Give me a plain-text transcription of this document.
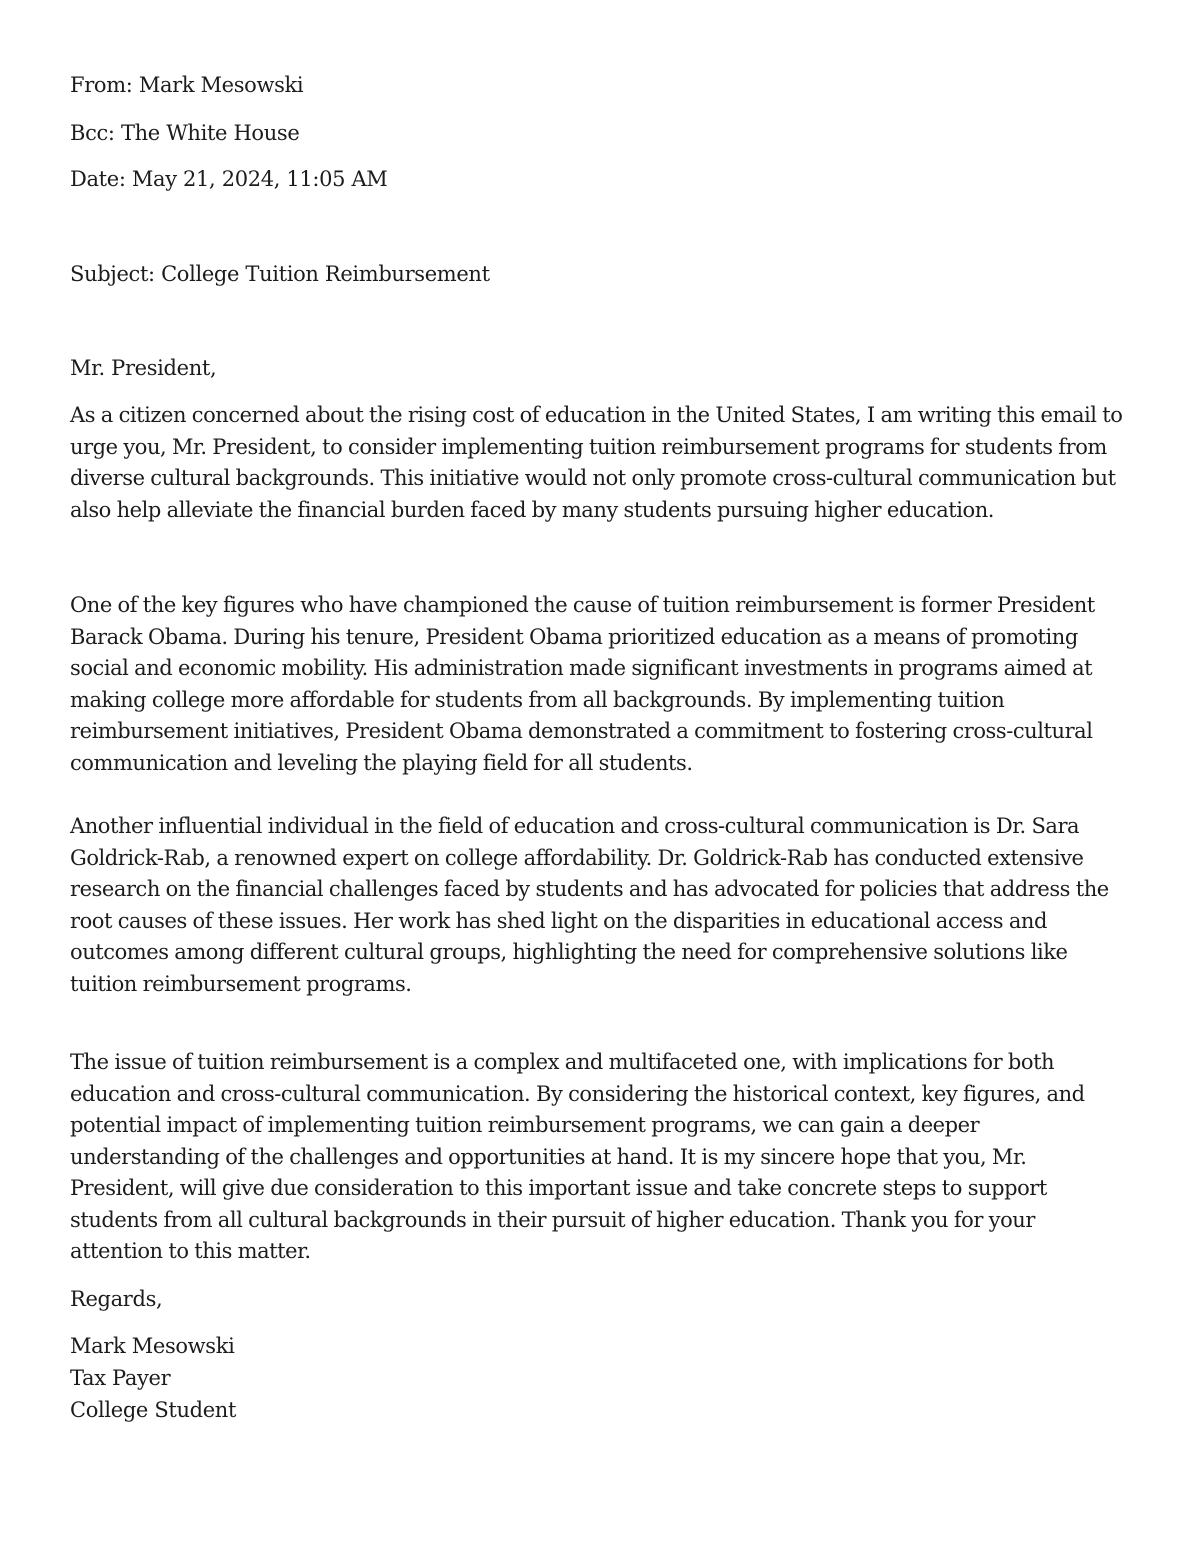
From: Mark Mesowski
Bcc: The White House
Date: May 21, 2024, 11:05 AM
Subject: College Tuition Reimbursement
Mr. President,
As a citizen concerned about the rising cost of education in the United States, I am writing this email to urge you, Mr. President, to consider implementing tuition reimbursement programs for students from diverse cultural backgrounds. This initiative would not only promote cross-cultural communication but also help alleviate the financial burden faced by many students pursuing higher education.
One of the key figures who have championed the cause of tuition reimbursement is former President Barack Obama. During his tenure, President Obama prioritized education as a means of promoting social and economic mobility. His administration made significant investments in programs aimed at making college more affordable for students from all backgrounds. By implementing tuition reimbursement initiatives, President Obama demonstrated a commitment to fostering cross-cultural communication and leveling the playing field for all students.
Another influential individual in the field of education and cross-cultural communication is Dr. Sara Goldrick-Rab, a renowned expert on college affordability. Dr. Goldrick-Rab has conducted extensive research on the financial challenges faced by students and has advocated for policies that address the root causes of these issues. Her work has shed light on the disparities in educational access and outcomes among different cultural groups, highlighting the need for comprehensive solutions like tuition reimbursement programs.
The issue of tuition reimbursement is a complex and multifaceted one, with implications for both education and cross-cultural communication. By considering the historical context, key figures, and potential impact of implementing tuition reimbursement programs, we can gain a deeper understanding of the challenges and opportunities at hand. It is my sincere hope that you, Mr. President, will give due consideration to this important issue and take concrete steps to support students from all cultural backgrounds in their pursuit of higher education. Thank you for your attention to this matter.
Regards,
Mark Mesowski
Tax Payer
College Student
